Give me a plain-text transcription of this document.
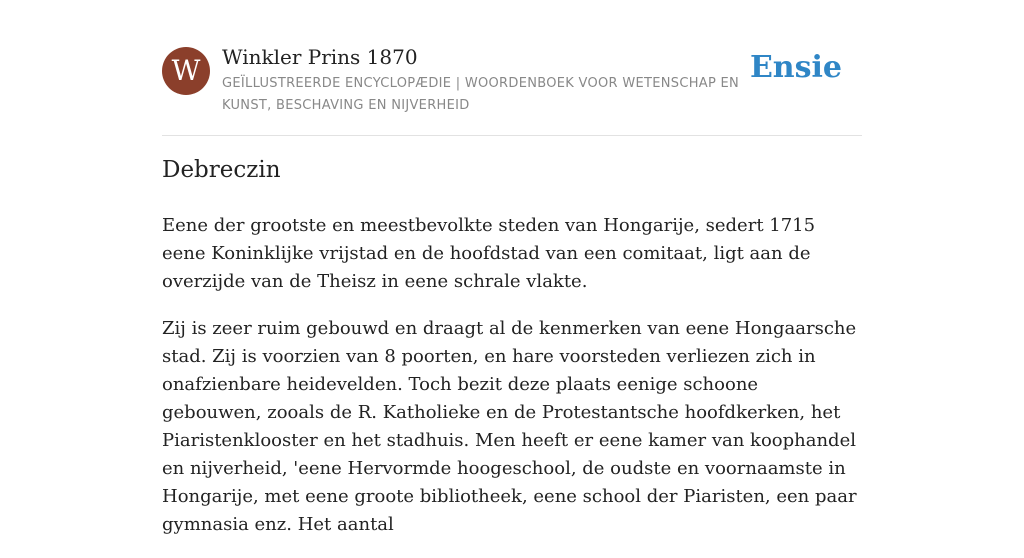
W	Winkler Prins 1870
GEÏLLUSTREERDE ENCYCLOPÆDIE | WOORDENBOEK VOOR WETENSCHAP EN KUNST, BESCHAVING EN NIJVERHEID
Ensie
Debreczin

Eene der grootste en meestbevolkte steden van Hongarije, sedert 1715 eene Koninklijke vrijstad en de hoofdstad van een comitaat, ligt aan de overzijde van de Theisz in eene schrale vlakte.

Zij is zeer ruim gebouwd en draagt al de kenmerken van eene Hongaarsche stad. Zij is voorzien van 8 poorten, en hare voorsteden verliezen zich in onafzienbare heidevelden. Toch bezit deze plaats eenige schoone gebouwen, zooals de R. Katholieke en de Protestantsche hoofdkerken, het Piaristenklooster en het stadhuis. Men heeft er eene kamer van koophandel en nijverheid, 'eene Hervormde hoogeschool, de oudste en voornaamste in Hongarije, met eene groote bibliotheek, eene school der Piaristen, een paar gymnasia enz. Het aantal
